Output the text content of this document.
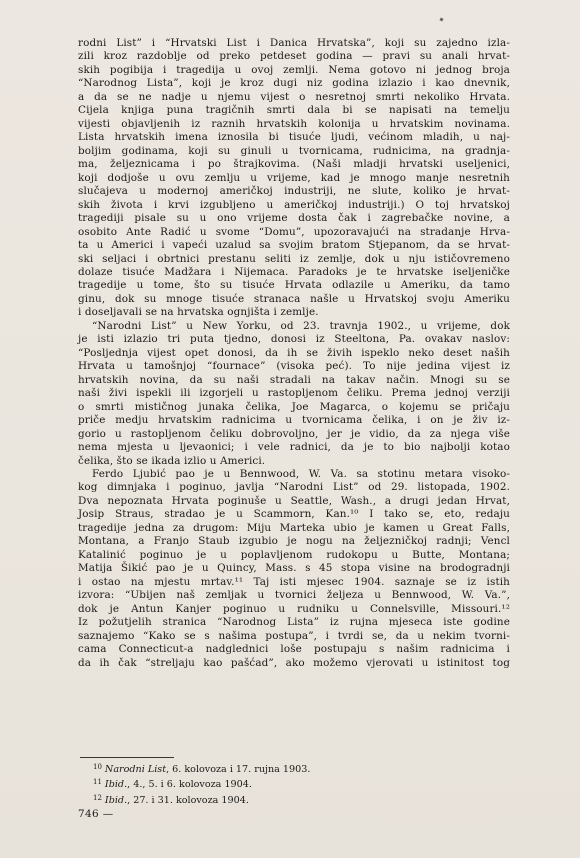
rodni List” i “Hrvatski List i Danica Hrvatska”, koji su zajedno izla-
zili kroz razdoblje od preko petdeset godina — pravi su anali hrvat-
skih pogibija i tragedija u ovoj zemlji. Nema gotovo ni jednog broja
“Narodnog Lista”, koji je kroz dugi niz godina izlazio i kao dnevnik,
a da se ne nadje u njemu vijest o nesretnoj smrti nekoliko Hrvata.
Cijela knjiga puna tragičnih smrti dala bi se napisati na temelju
vijesti objavljenih iz raznih hrvatskih kolonija u hrvatskim novinama.
Lista hrvatskih imena iznosila bi tisuće ljudi, većinom mladih, u naj-
boljim godinama, koji su ginuli u tvornicama, rudnicima, na gradnja-
ma, željeznicama i po štrajkovima. (Naši mladji hrvatski useljenici,
koji dodjoše u ovu zemlju u vrijeme, kad je mnogo manje nesretnih
slučajeva u modernoj američkoj industriji, ne slute, koliko je hrvat-
skih života i krvi izgubljeno u američkoj industriji.) O toj hrvatskoj
tragediji pisale su u ono vrijeme dosta čak i zagrebačke novine, a
osobito Ante Radić u svome “Domu”, upozoravajući na stradanje Hrva-
ta u Americi i vapeći uzalud sa svojim bratom Stjepanom, da se hrvat-
ski seljaci i obrtnici prestanu seliti iz zemlje, dok u nju ističovremeno
dolaze tisuće Madžara i Nijemaca. Paradoks je te hrvatske iseljeničke
tragedije u tome, što su tisuće Hrvata odlazile u Ameriku, da tamo
ginu, dok su mnoge tisuće stranaca našle u Hrvatskoj svoju Ameriku
i doseljavali se na hrvatska ognjišta i zemlje.
“Narodni List” u New Yorku, od 23. travnja 1902., u vrijeme, dok
je isti izlazio tri puta tjedno, donosi iz Steeltona, Pa. ovakav naslov:
“Posljednja vijest opet donosi, da ih se živih ispeklo neko deset naših
Hrvata u tamošnjoj “fournace” (visoka peć). To nije jedina vijest iz
hrvatskih novina, da su naši stradali na takav način. Mnogi su se
naši živi ispekli ili izgorjeli u rastopljenom čeliku. Prema jednoj verziji
o smrti mističnog junaka čelika, Joe Magarca, o kojemu se pričaju
priče medju hrvatskim radnicima u tvornicama čelika, i on je živ iz-
gorio u rastopljenom čeliku dobrovoljno, jer je vidio, da za njega više
nema mjesta u ljevaonici; i vele radnici, da je to bio najbolji kotao
čelika, što se ikada izlio u Americi.
Ferdo Ljubić pao je u Bennwood, W. Va. sa stotinu metara visoko-
kog dimnjaka i poginuo, javlja “Narodni List” od 29. listopada, 1902.
Dva nepoznata Hrvata poginuše u Seattle, Wash., a drugi jedan Hrvat,
Josip Straus, stradao je u Scammorn, Kan.¹⁰ I tako se, eto, redaju
tragedije jedna za drugom: Miju Marteka ubio je kamen u Great Falls,
Montana, a Franjo Staub izgubio je nogu na željezničkoj radnji; Vencl
Katalinić poginuo je u poplavljenom rudokopu u Butte, Montana;
Matija Šikić pao je u Quincy, Mass. s 45 stopa visine na brodogradnji
i ostao na mjestu mrtav.¹¹ Taj isti mjesec 1904. saznaje se iz istih
izvora: “Ubijen naš zemljak u tvornici željeza u Bennwood, W. Va.”,
dok je Antun Kanjer poginuo u rudniku u Connelsville, Missouri.¹²
Iz požutjelih stranica “Narodnog Lista” iz rujna mjeseca iste godine
saznajemo “Kako se s našima postupa”, i tvrdi se, da u nekim tvorni-
cama Connecticut-a nadglednici loše postupaju s našim radnicima i
da ih čak “streljaju kao pašćad”, ako možemo vjerovati u istinitost tog
$^{10}$ Narodni List, 6. kolovoza i 17. rujna 1903.
$^{11}$ Ibid., 4., 5. i 6. kolovoza 1904.
$^{12}$ Ibid., 27. i 31. kolovoza 1904.
746 —
